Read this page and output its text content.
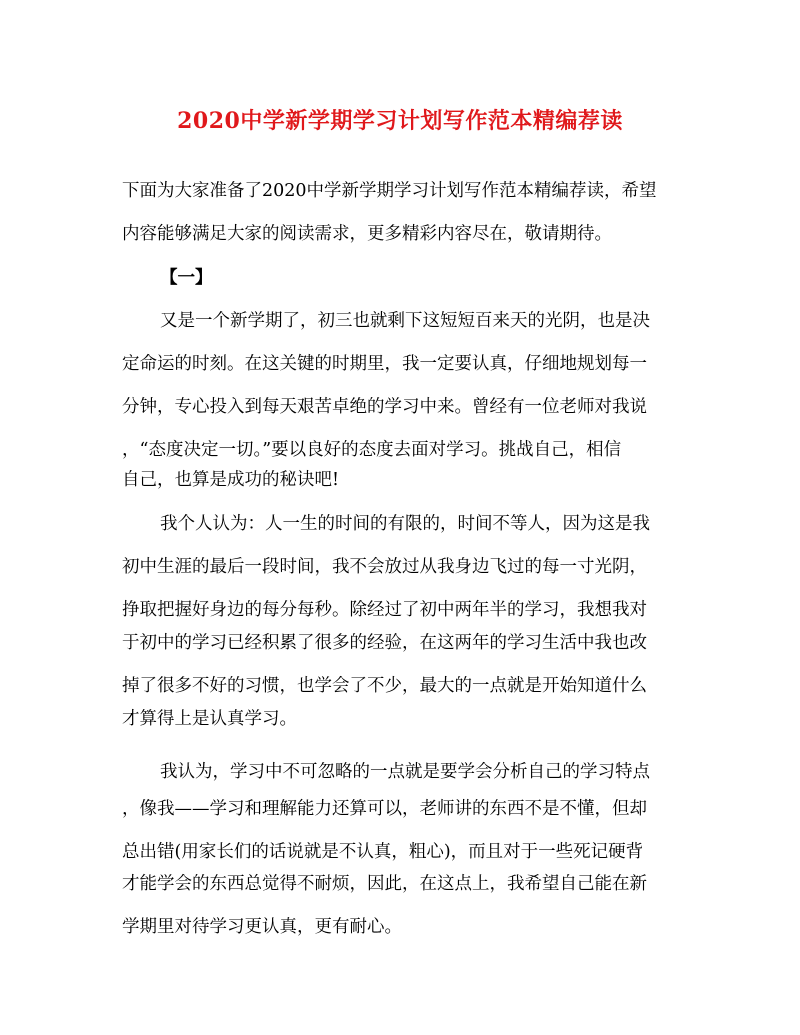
2020中学新学期学习计划写作范本精编荐读
下面为大家准备了2020中学新学期学习计划写作范本精编荐读，希望
内容能够满足大家的阅读需求，更多精彩内容尽在，敬请期待。
【一】
又是一个新学期了，初三也就剩下这短短百来天的光阴，也是决
定命运的时刻。在这关键的时期里，我一定要认真，仔细地规划每一
分钟，专心投入到每天艰苦卓绝的学习中来。曾经有一位老师对我说
，“态度决定一切。”要以良好的态度去面对学习。挑战自己，相信
自己，也算是成功的秘诀吧!
我个人认为：人一生的时间的有限的，时间不等人，因为这是我
初中生涯的最后一段时间，我不会放过从我身边飞过的每一寸光阴，
挣取把握好身边的每分每秒。除经过了初中两年半的学习，我想我对
于初中的学习已经积累了很多的经验，在这两年的学习生活中我也改
掉了很多不好的习惯，也学会了不少，最大的一点就是开始知道什么
才算得上是认真学习。
我认为，学习中不可忽略的一点就是要学会分析自己的学习特点
，像我——学习和理解能力还算可以，老师讲的东西不是不懂，但却
总出错(用家长们的话说就是不认真，粗心)，而且对于一些死记硬背
才能学会的东西总觉得不耐烦，因此，在这点上，我希望自己能在新
学期里对待学习更认真，更有耐心。
